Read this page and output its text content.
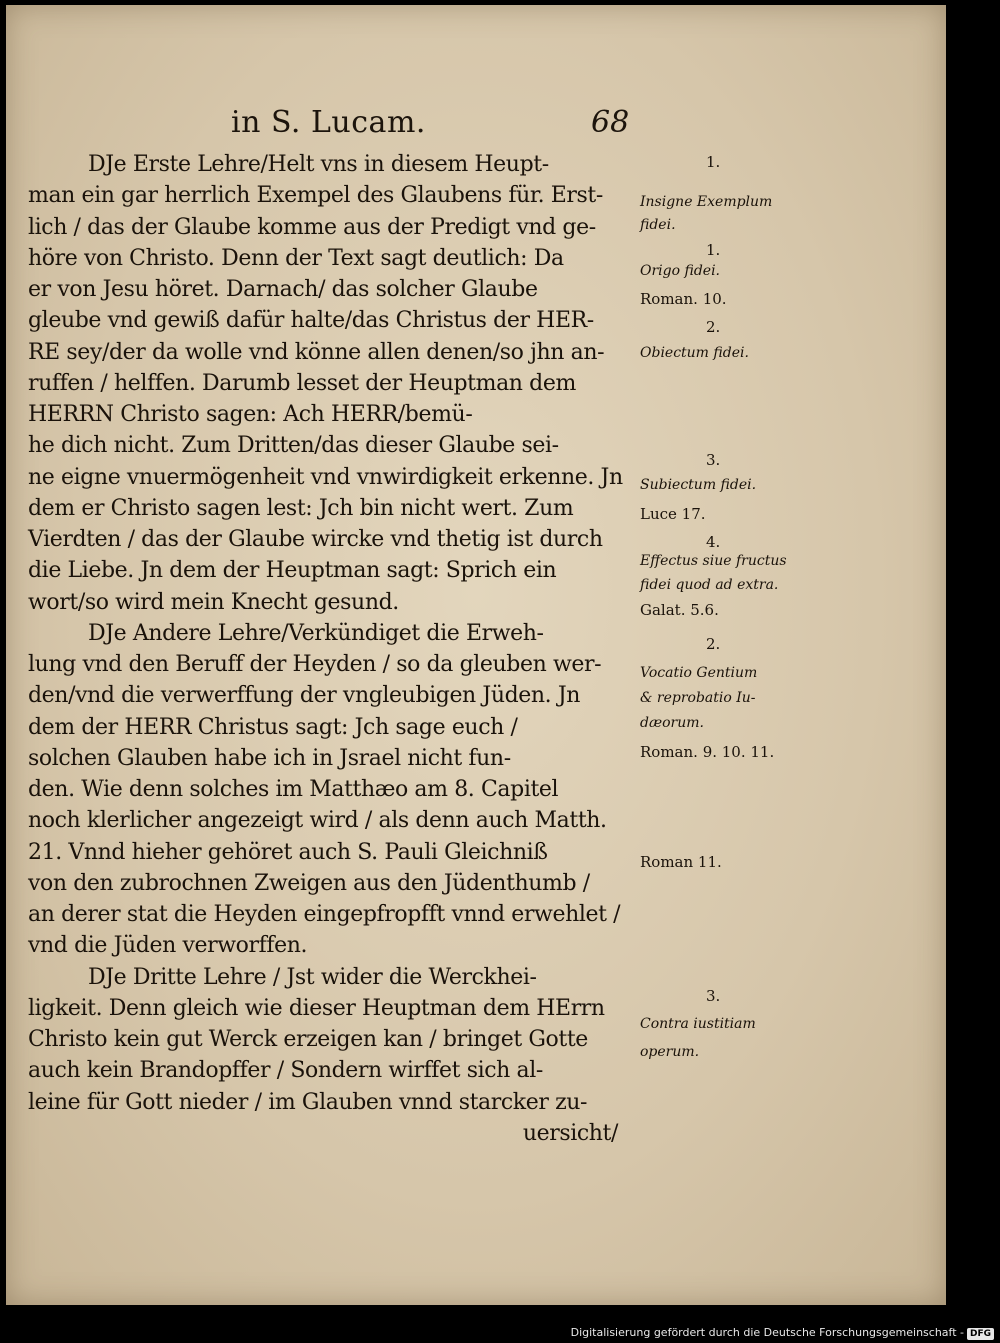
in S. Lucam.	68
DJe Erste Lehre/Helt vns in diesem Heupt-
man ein gar herrlich Exempel des Glaubens für. Erst-
lich / das der Glaube komme aus der Predigt vnd ge-
höre von Christo. Denn der Text sagt deutlich: Da
er von Jesu höret. Darnach/ das solcher Glaube
gleube vnd gewiß dafür halte/das Christus der HER-
RE sey/der da wolle vnd könne allen denen/so jhn an-
ruffen / helffen. Darumb lesset der Heuptman dem
HERRN Christo sagen: Ach HERR/bemü-
he dich nicht. Zum Dritten/das dieser Glaube sei-
ne eigne vnuermögenheit vnd vnwirdigkeit erkenne. Jn
dem er Christo sagen lest: Jch bin nicht wert. Zum
Vierdten / das der Glaube wircke vnd thetig ist durch
die Liebe. Jn dem der Heuptman sagt: Sprich ein
wort/so wird mein Knecht gesund.
DJe Andere Lehre/Verkündiget die Erweh-
lung vnd den Beruff der Heyden / so da gleuben wer-
den/vnd die verwerffung der vngleubigen Jüden. Jn
dem der HERR Christus sagt: Jch sage euch /
solchen Glauben habe ich in Jsrael nicht fun-
den. Wie denn solches im Matthæo am 8. Capitel
noch klerlicher angezeigt wird / als denn auch Matth.
21. Vnnd hieher gehöret auch S. Pauli Gleichniß
von den zubrochnen Zweigen aus den Jüdenthumb /
an derer stat die Heyden eingepfropfft vnnd erwehlet /
vnd die Jüden verworffen.
DJe Dritte Lehre / Jst wider die Werckhei-
ligkeit. Denn gleich wie dieser Heuptman dem HErrn
Christo kein gut Werck erzeigen kan / bringet Gotte
auch kein Brandopffer / Sondern wirffet sich al-
leine für Gott nieder / im Glauben vnnd starcker zu-
uersicht/
1.
Insigne Exemplum
fidei.
1.
Origo fidei.
Roman. 10.
2.
Obiectum fidei.
3.
Subiectum fidei.
Luce 17.
4.
Effectus siue fructus
fidei quod ad extra.
Galat. 5.6.
2.
Vocatio Gentium
& reprobatio Iu-
dæorum.
Roman. 9. 10. 11.
Roman 11.
3.
Contra iustitiam
operum.
Digitalisierung gefördert durch die Deutsche Forschungsgemeinschaft - DFG
